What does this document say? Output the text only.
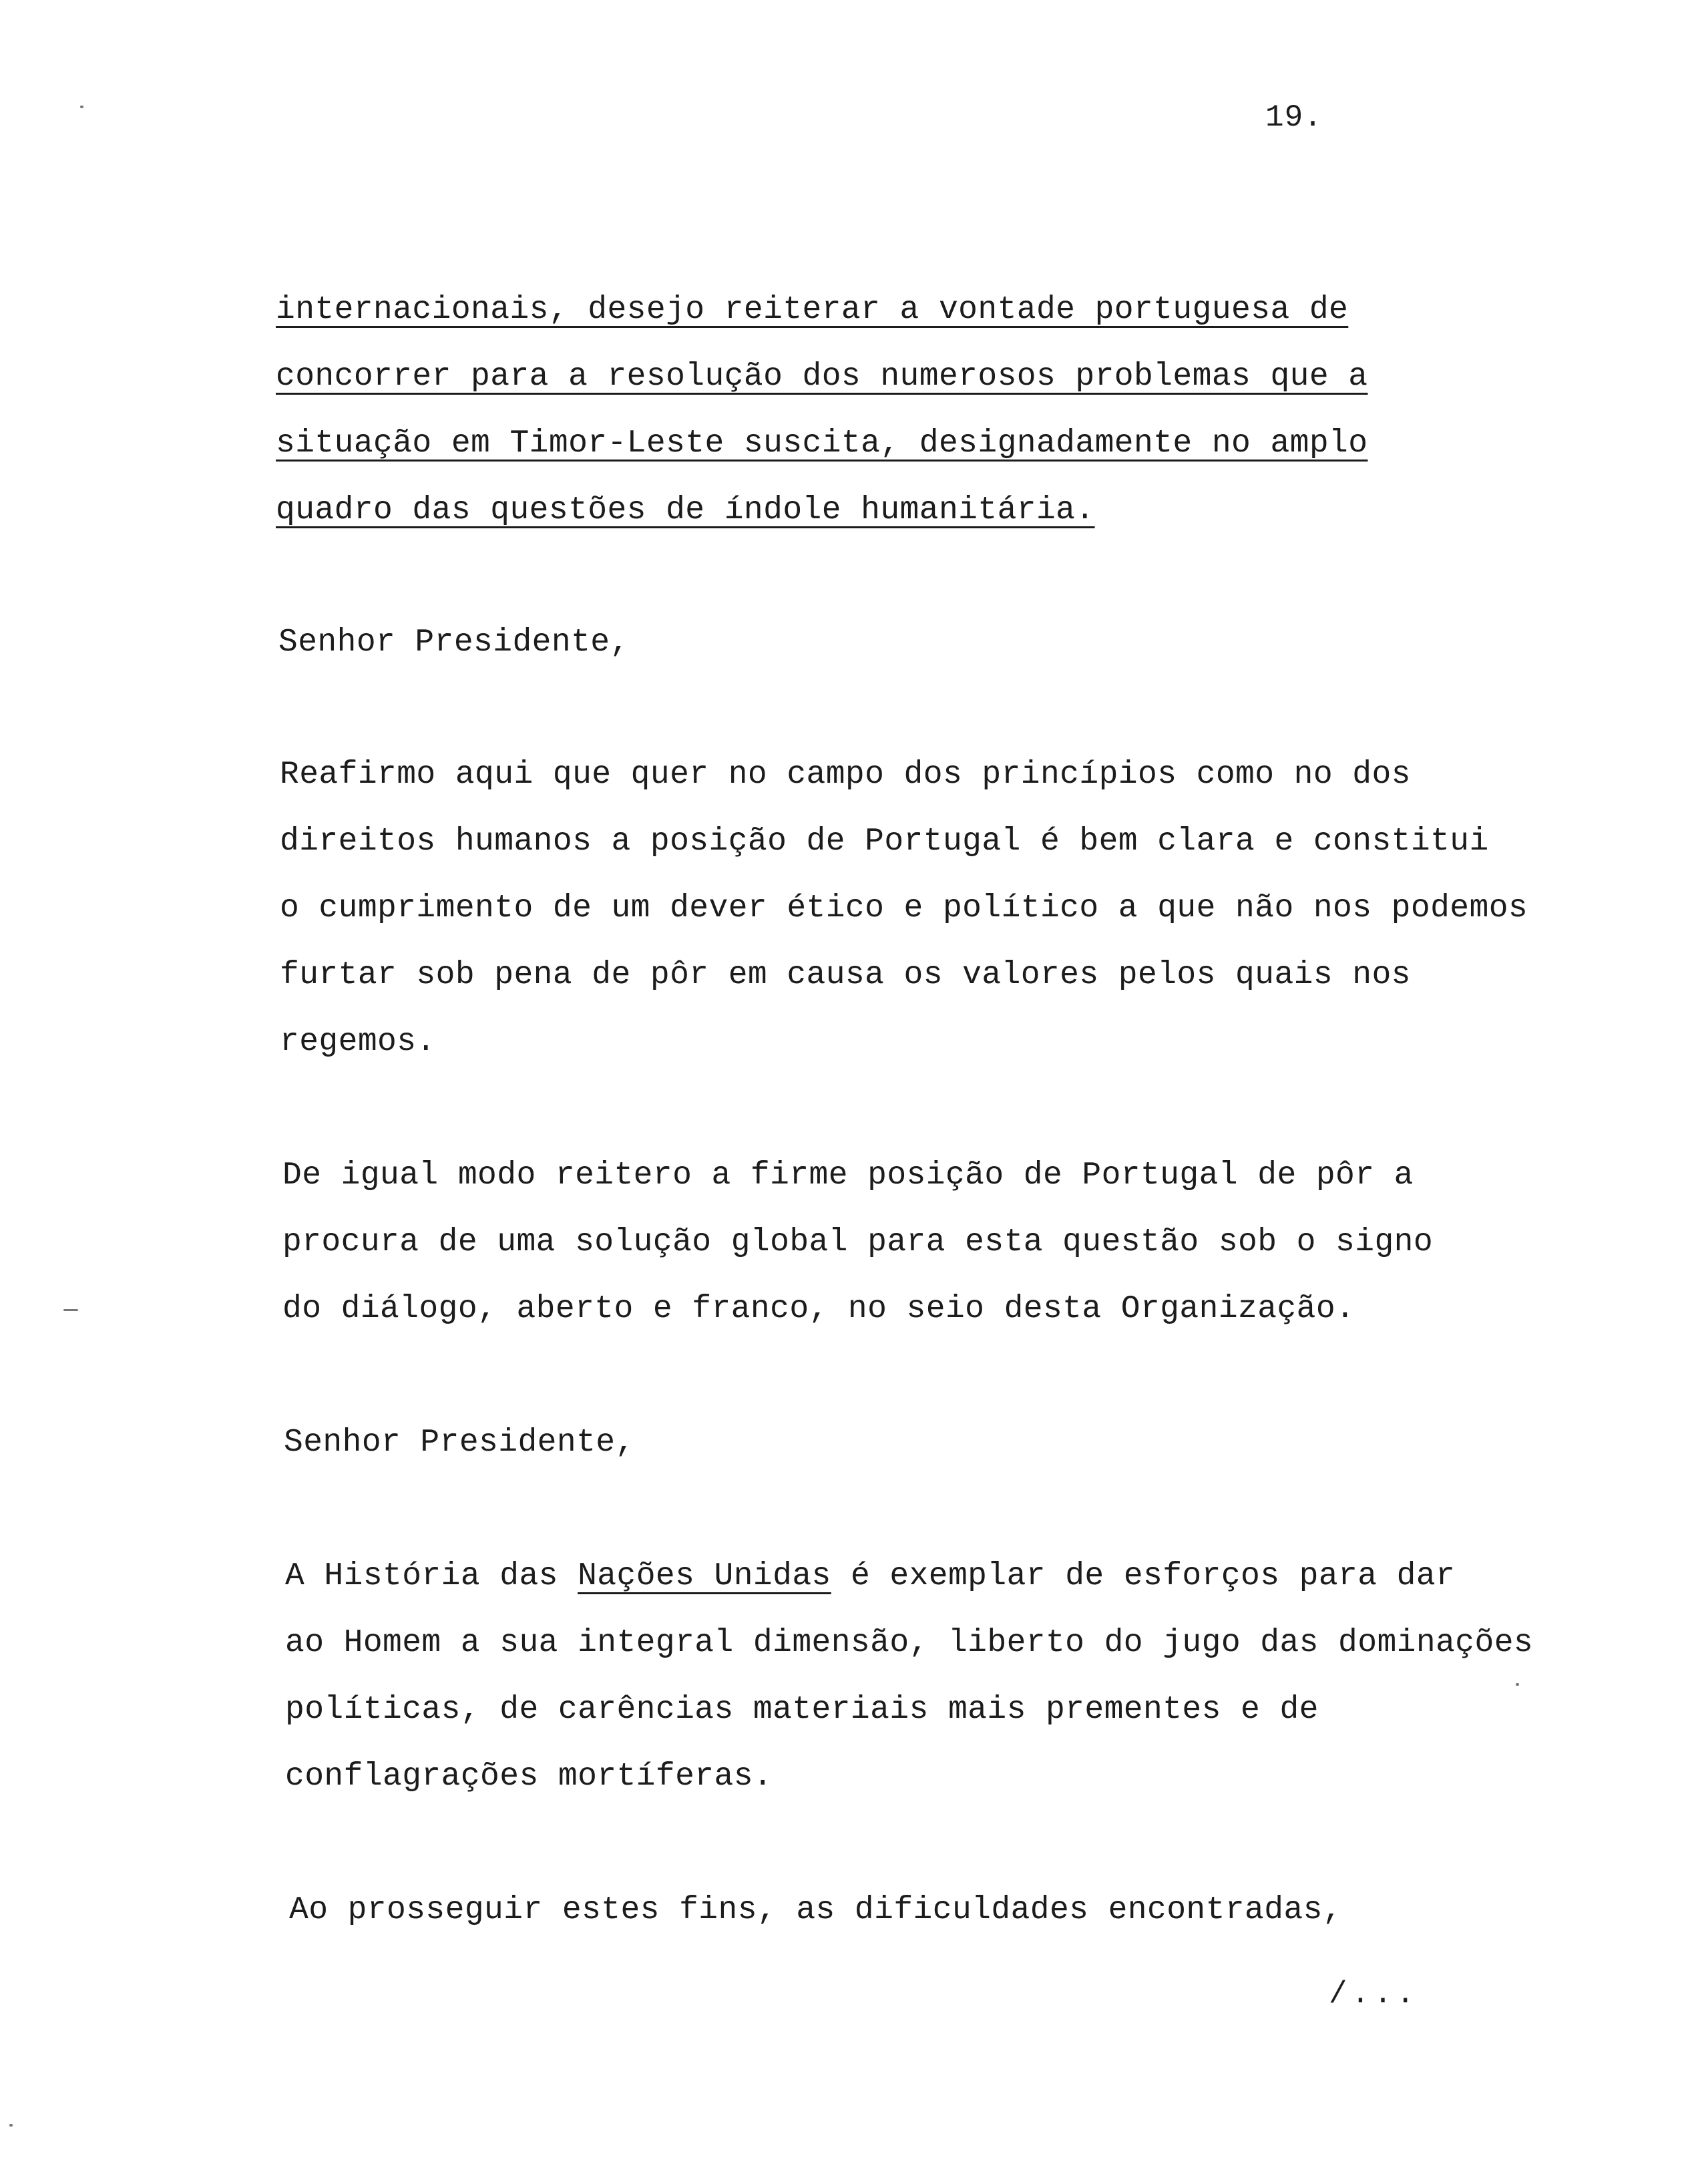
19.
internacionais, desejo reiterar a vontade portuguesa de
concorrer para a resolução dos numerosos problemas que a
situação em Timor-Leste suscita, designadamente no amplo
quadro das questões de índole humanitária.
Senhor Presidente,
Reafirmo aqui que quer no campo dos princípios como no dos
direitos humanos a posição de Portugal é bem clara e constitui
o cumprimento de um dever ético e político a que não nos podemos
furtar sob pena de pôr em causa os valores pelos quais nos
regemos.
De igual modo reitero a firme posição de Portugal de pôr a
procura de uma solução global para esta questão sob o signo
do diálogo, aberto e franco, no seio desta Organização.
Senhor Presidente,
A História das Nações Unidas é exemplar de esforços para dar
ao Homem a sua integral dimensão, liberto do jugo das dominações
políticas, de carências materiais mais prementes e de
conflagrações mortíferas.
Ao prosseguir estes fins, as dificuldades encontradas,
/...
